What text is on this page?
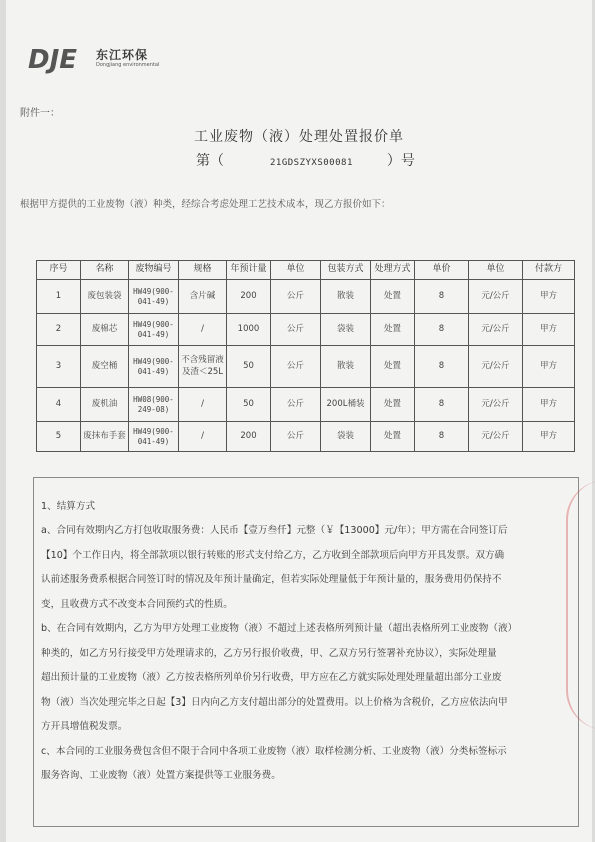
DJE 东江环保
Dongjiang environmental
附件一：
工业废物（液）处理处置报价单
第（	21GDSZYXS00081 ）号
根据甲方提供的工业废物（液）种类，经综合考虑处理工艺技术成本，现乙方报价如下：
序号	名称	废物编号	规格	年预计量	单位	包装方式	处理方式	单价	单位	付款方
1	废包装袋	HW49(900-041-49)	含片碱	200	公斤	散装	处置	8	元/公斤	甲方
2	废棉芯	HW49(900-041-49)	/	1000	公斤	袋装	处置	8	元/公斤	甲方
3	废空桶	HW49(900-041-49)	不含残留液及渣＜25L	50	公斤	散装	处置	8	元/公斤	甲方
4	废机油	HW08(900-249-08)	/	50	公斤	200L桶装	处置	8	元/公斤	甲方
5	废抹布手套	HW49(900-041-49)	/	200	公斤	袋装	处置	8	元/公斤	甲方

1、结算方式

a、合同有效期内乙方打包收取服务费：人民币【壹万叁仟】元整（￥【13000】元/年）；甲方需在合同签订后

【10】个工作日内，将全部款项以银行转账的形式支付给乙方，乙方收到全部款项后向甲方开具发票。双方确

认前述服务费系根据合同签订时的情况及年预计量确定，但若实际处理量低于年预计量的，服务费用仍保持不

变，且收费方式不改变本合同预约式的性质。

b、在合同有效期内，乙方为甲方处理工业废物（液）不超过上述表格所列预计量（超出表格所列工业废物（液）

种类的，如乙方另行接受甲方处理请求的，乙方另行报价收费，甲、乙双方另行签署补充协议），实际处理量

超出预计量的工业废物（液）乙方按表格所列单价另行收费，甲方应在乙方就实际处理处理量超出部分工业废

物（液）当次处理完毕之日起【3】日内向乙方支付超出部分的处置费用。以上价格为含税价，乙方应依法向甲

方开具增值税发票。

c、本合同的工业服务费包含但不限于合同中各项工业废物（液）取样检测分析、工业废物（液）分类标签标示

服务咨询、工业废物（液）处置方案提供等工业服务费。
